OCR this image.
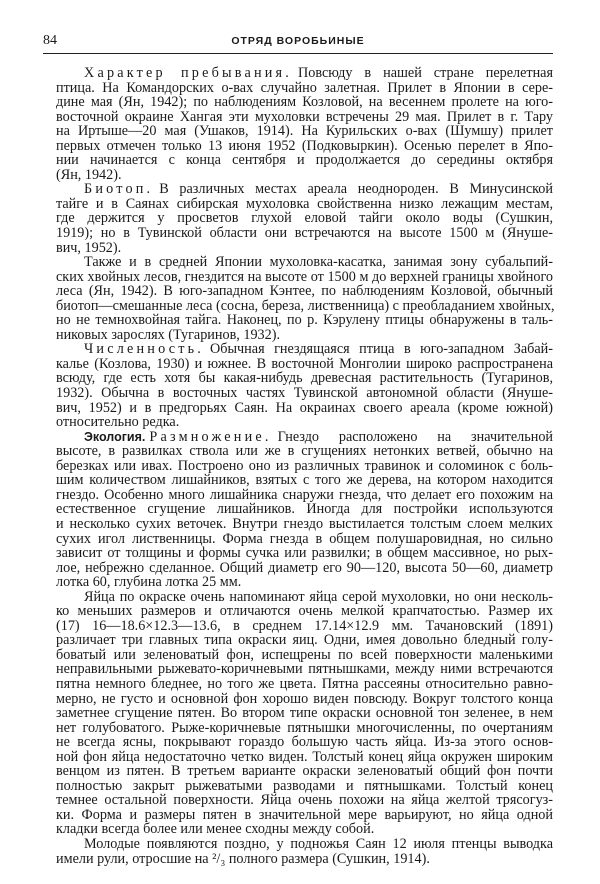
84	ОТРЯД ВОРОБЬИНЫЕ
Характер пребывания. Повсюду в нашей стране перелетная
птица. На Командорских о-вах случайно залетная. Прилет в Японии в сере-
дине мая (Ян, 1942); по наблюдениям Козловой, на весеннем пролете на юго-
восточной окраине Хангая эти мухоловки встречены 29 мая. Прилет в г. Тару
на Иртыше—20 мая (Ушаков, 1914). На Курильских о-вах (Шумшу) прилет
первых отмечен только 13 июня 1952 (Подковыркин). Осенью перелет в Япо-
нии начинается с конца сентября и продолжается до середины октября
(Ян, 1942).
Биотоп. В различных местах ареала неоднороден. В Минусинской
тайге и в Саянах сибирская мухоловка свойственна низко лежащим местам,
где держится у просветов глухой еловой тайги около воды (Сушкин,
1919); но в Тувинской области они встречаются на высоте 1500 м (Януше-
вич, 1952).
Также и в средней Японии мухоловка-касатка, занимая зону субальпий-
ских хвойных лесов, гнездится на высоте от 1500 м до верхней границы хвойного
леса (Ян, 1942). В юго-западном Кэнтее, по наблюдениям Козловой, обычный
биотоп—смешанные леса (сосна, береза, лиственница) с преобладанием хвойных,
но не темнохвойная тайга. Наконец, по р. Кэрулену птицы обнаружены в таль-
никовых зарослях (Тугаринов, 1932).
Численность. Обычная гнездящаяся птица в юго-западном Забай-
калье (Козлова, 1930) и южнее. В восточной Монголии широко распространена
всюду, где есть хотя бы какая-нибудь древесная растительность (Тугаринов,
1932). Обычна в восточных частях Тувинской автономной области (Януше-
вич, 1952) и в предгорьях Саян. На окраинах своего ареала (кроме южной)
относительно редка.
Экология. Размножение. Гнездо расположено на значительной
высоте, в развилках ствола или же в сгущениях нетонких ветвей, обычно на
березках или ивах. Построено оно из различных травинок и соломинок с боль-
шим количеством лишайников, взятых с того же дерева, на котором находится
гнездо. Особенно много лишайника снаружи гнезда, что делает его похожим на
естественное сгущение лишайников. Иногда для постройки используются
и несколько сухих веточек. Внутри гнездо выстилается толстым слоем мелких
сухих игол лиственницы. Форма гнезда в общем полушаровидная, но сильно
зависит от толщины и формы сучка или развилки; в общем массивное, но рых-
лое, небрежно сделанное. Общий диаметр его 90—120, высота 50—60, диаметр
лотка 60, глубина лотка 25 мм.
Яйца по окраске очень напоминают яйца серой мухоловки, но они несколь-
ко меньших размеров и отличаются очень мелкой крапчатостью. Размер их
(17) 16—18.6×12.3—13.6, в среднем 17.14×12.9 мм. Тачановский (1891)
различает три главных типа окраски яиц. Одни, имея довольно бледный голу-
боватый или зеленоватый фон, испещрены по всей поверхности маленькими
неправильными рыжевато-коричневыми пятнышками, между ними встречаются
пятна немного бледнее, но того же цвета. Пятна рассеяны относительно равно-
мерно, не густо и основной фон хорошо виден повсюду. Вокруг толстого конца
заметнее сгущение пятен. Во втором типе окраски основной тон зеленее, в нем
нет голубоватого. Рыже-коричневые пятнышки многочисленны, по очертаниям
не всегда ясны, покрывают гораздо большую часть яйца. Из-за этого основ-
ной фон яйца недостаточно четко виден. Толстый конец яйца окружен широким
венцом из пятен. В третьем варианте окраски зеленоватый общий фон почти
полностью закрыт рыжеватыми разводами и пятнышками. Толстый конец
темнее остальной поверхности. Яйца очень похожи на яйца желтой трясогуз-
ки. Форма и размеры пятен в значительной мере варьируют, но яйца одной
кладки всегда более или менее сходны между собой.
Молодые появляются поздно, у подножья Саян 12 июля птенцы выводка
имели рули, отросшие на ²/₃ полного размера (Сушкин, 1914).
